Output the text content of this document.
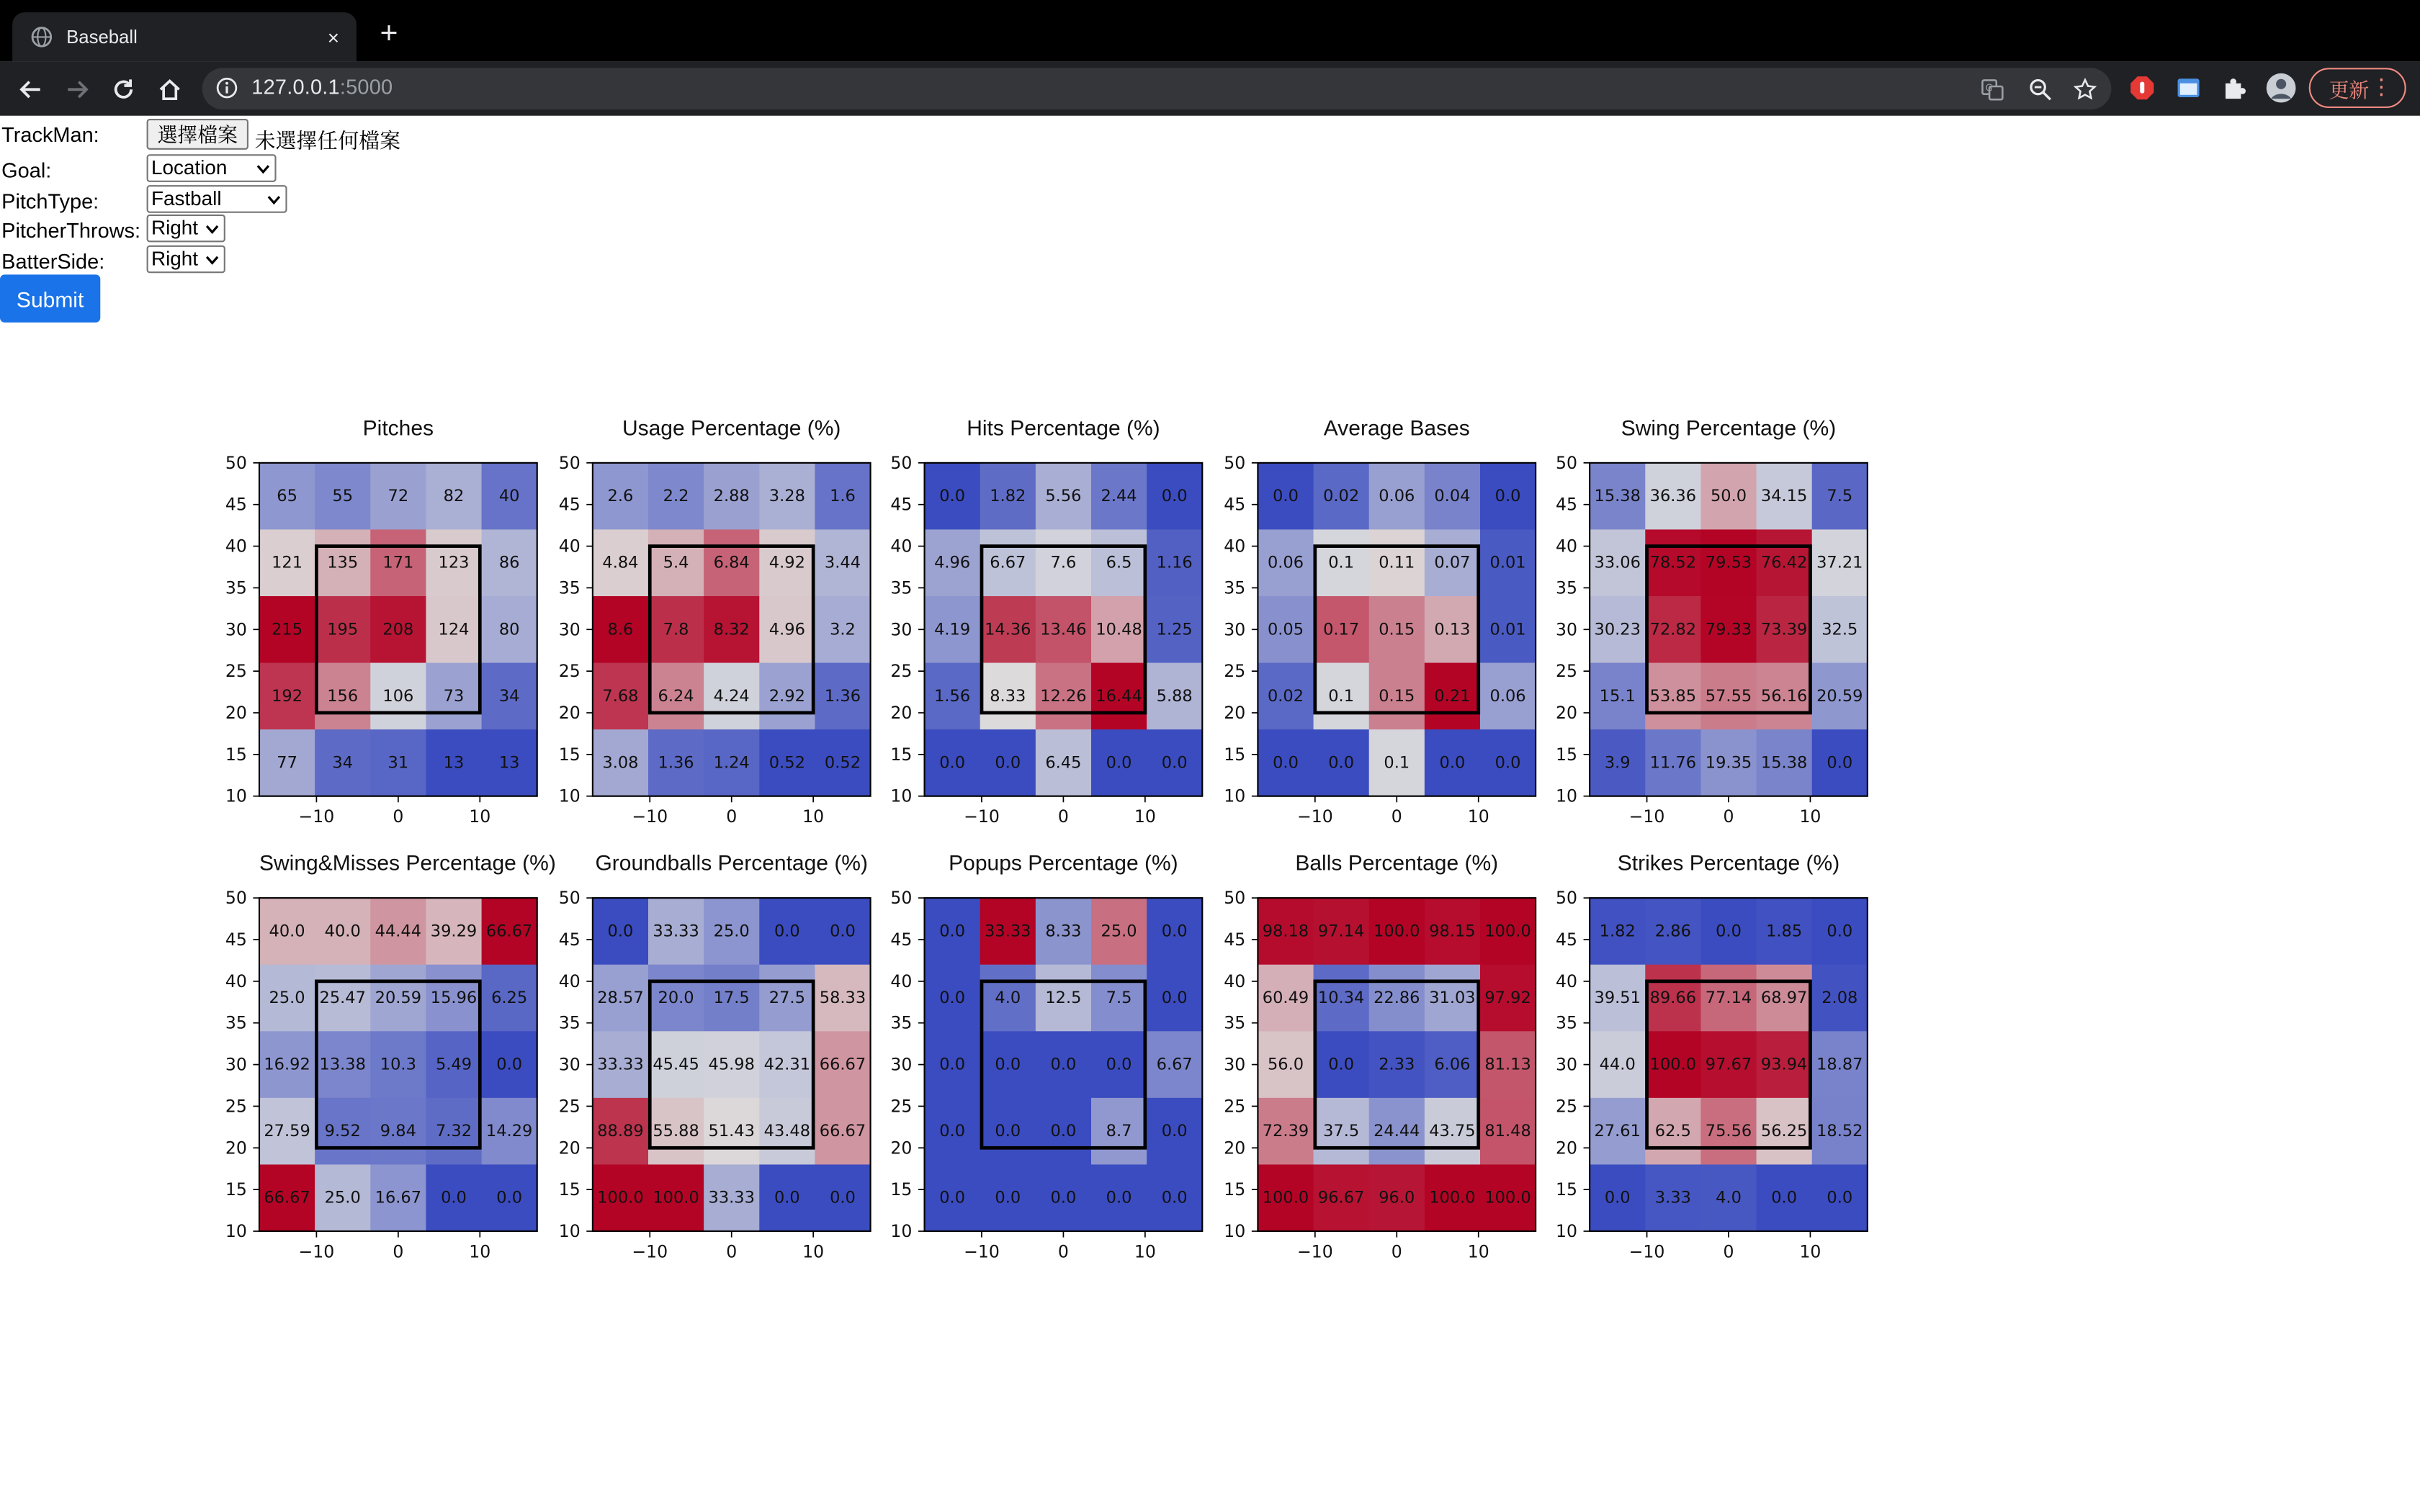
Baseball	×	+
127.0.0.1:5000	G	更新 ⋮
TrackMan:	選擇檔案 未選擇任何檔案
Goal:	Location
PitchType:	Fastball
PitcherThrows: Right
BatterSide:	Right
Submit
Pitches
65	55	72	82	40
121	135	171	123	86
215	195	208	124	80
192	156	106	73	34
77	34	31	13	13
10
15
20
25
30
35
40
45
50
−10	0	10
Usage Percentage (%)
2.6	2.2	2.88	3.28	1.6
4.84	5.4	6.84	4.92	3.44
8.6	7.8	8.32	4.96	3.2
7.68	6.24	4.24	2.92	1.36
3.08	1.36	1.24	0.52	0.52
10
15
20
25
30
35
40
45
50
−10	0	10
Hits Percentage (%)
0.0	1.82	5.56	2.44	0.0
4.96	6.67	7.6	6.5	1.16
4.19 14.36 13.46 10.48 1.25
1.56	8.33 12.26 16.44 5.88
0.0	0.0	6.45	0.0	0.0
10
15
20
25
30
35
40
45
50
−10	0	10
Average Bases
0.0	0.02	0.06	0.04	0.0
0.06	0.1	0.11	0.07	0.01
0.05	0.17	0.15	0.13	0.01
0.02	0.1	0.15	0.21	0.06
0.0	0.0	0.1	0.0	0.0
10
15
20
25
30
35
40
45
50
−10	0	10
Swing Percentage (%)
15.38 36.36 50.0 34.15	7.5
33.06 78.52 79.53 76.42 37.21
30.23 72.82 79.33 73.39 32.5
15.1 53.85 57.55 56.16 20.59
3.9	11.76 19.35 15.38	0.0
10
15
20
25
30
35
40
45
50
−10	0	10
Swing&Misses Percentage (%)
40.0	40.0 44.44 39.29 66.67
25.0 25.47 20.59 15.96 6.25
16.92 13.38 10.3	5.49	0.0
27.59 9.52	9.84	7.32 14.29
66.67 25.0 16.67	0.0	0.0
10
15
20
25
30
35
40
45
50
−10	0	10
Groundballs Percentage (%)
0.0	33.33 25.0	0.0	0.0
28.57 20.0	17.5	27.5 58.33
33.33 45.45 45.98 42.31 66.67
88.89 55.88 51.43 43.48 66.67
100.0 100.0 33.33	0.0	0.0
10
15
20
25
30
35
40
45
50
−10	0	10
Popups Percentage (%)
0.0	33.33 8.33	25.0	0.0
0.0	4.0	12.5	7.5	0.0
0.0	0.0	0.0	0.0	6.67
0.0	0.0	0.0	8.7	0.0
0.0	0.0	0.0	0.0	0.0
10
15
20
25
30
35
40
45
50
−10	0	10
Balls Percentage (%)
98.18 97.14 100.0 98.15 100.0
60.49 10.34 22.86 31.03 97.92
56.0	0.0	2.33	6.06 81.13
72.39 37.5 24.44 43.75 81.48
100.0 96.67 96.0 100.0 100.0
10
15
20
25
30
35
40
45
50
−10	0	10
Strikes Percentage (%)
1.82	2.86	0.0	1.85	0.0
39.51 89.66 77.14 68.97 2.08
44.0 100.0 97.67 93.94 18.87
27.61 62.5 75.56 56.25 18.52
0.0	3.33	4.0	0.0	0.0
10
15
20
25
30
35
40
45
50
−10	0	10
